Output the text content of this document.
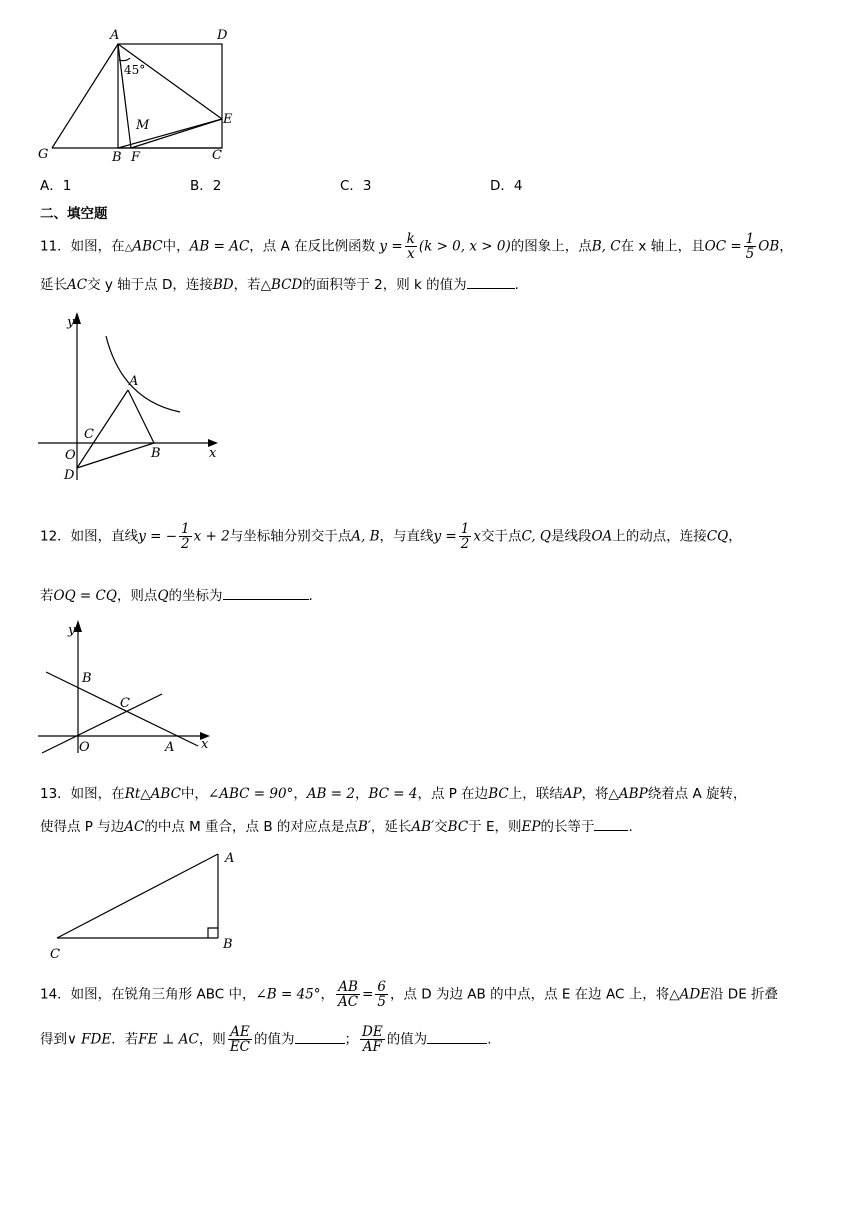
A	D
45°
M	E
G	B F	C
A．1	B．2	C．3	D．4
二、填空题
11．如图，在△ABC中，AB = AC，点 A 在反比例函数 $y = \frac{k}{x} (k > 0$, x > 0)的图象上，点B, C在 x 轴上，且OC = $\frac{1}{5}$ OB，
延长AC交 y 轴于点 D，连接BD，若△BCD的面积等于 2，则 k 的值为	.
y
A
C
O	B	x
D
12．如图，直线y = − $\frac{1}{2}$ x + 2与坐标轴分别交于点A, B，与直线$y = \frac{1}{2}$ x交于点C, Q是线段OA上的动点，连接CQ，
若OQ = CQ，则点Q的坐标为	.
y
B
C
O	A x
13．如图，在Rt△ABC中，∠ABC = 90°，AB = 2，BC = 4，点 P 在边BC上，联结AP，将△ABP绕着点 A 旋转，
使得点 P 与边AC的中点 M 重合，点 B 的对应点是点B′，延长AB′交BC于 E，则EP的长等于	.
A
C
B
14．如图，在锐角三角形 ABC 中，∠B = 45°， $\frac{AB}{AC} = \frac{6}{5}$ ，点 D 为边 AB 的中点，点 E 在边 AC 上，将△ADE沿 DE 折叠
得到∨ FDE．若FE ⊥ AC，则 $\frac{AE}{EC}$ 的值为	； $\frac{DE}{AF}$ 的值为	.
